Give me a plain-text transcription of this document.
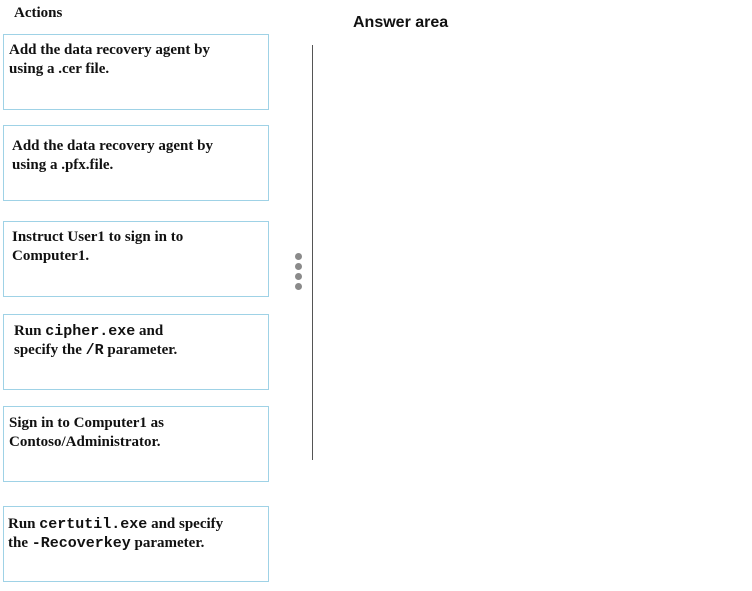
Actions
Add the data recovery agent by
using a .cer file.
Add the data recovery agent by
using a .pfx.file.
Instruct User1 to sign in to
Computer1.
Run cipher.exe and
specify the /R parameter.
Sign in to Computer1 as
Contoso/Administrator.
Run certutil.exe and specify
the -Recoverkey parameter.
Answer area
